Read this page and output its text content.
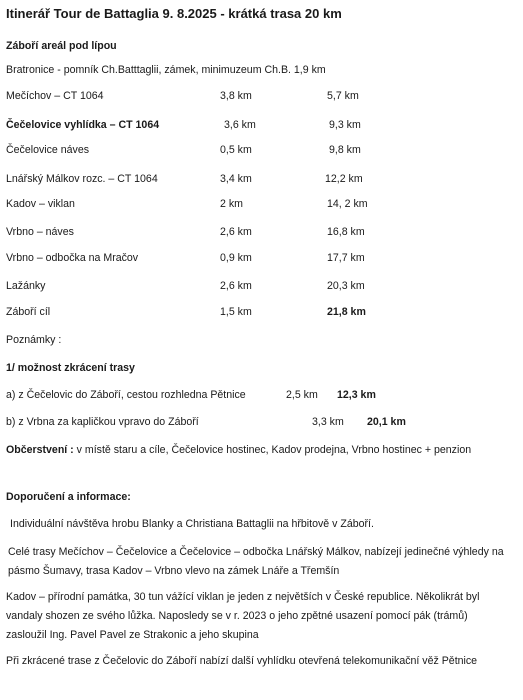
Itinerář Tour de Battaglia 9. 8.2025 - krátká trasa 20 km
Záboří areál pod lípou
Bratronice - pomník Ch.Batttaglii, zámek, minimuzeum Ch.B. 1,9 km
Mečíchov – CT 1064	3,8 km	5,7 km
Čečelovice vyhlídka – CT 1064	3,6 km	9,3 km
Čečelovice náves	0,5 km	9,8 km
Lnářský Málkov rozc. – CT 1064	3,4 km	12,2 km
Kadov – viklan	2 km	14, 2 km
Vrbno – náves	2,6 km	16,8 km
Vrbno – odbočka na Mračov	0,9 km	17,7 km
Lažánky	2,6 km	20,3 km
Záboří cíl	1,5 km	21,8 km
Poznámky :
1/ možnost zkrácení trasy
a) z Čečelovic do Záboří, cestou rozhledna Pětnice	2,5 km 12,3 km
b) z Vrbna za kapličkou vpravo do Záboří	3,3 km 20,1 km
Občerstvení : v místě staru a cíle, Čečelovice hostinec, Kadov prodejna, Vrbno hostinec + penzion
Doporučení a informace:
Individuální návštěva hrobu Blanky a Christiana Battaglii na hřbitově v Záboří.
Celé trasy Mečíchov – Čečelovice a Čečelovice – odbočka Lnářský Málkov, nabízejí jedinečné výhledy na pásmo Šumavy, trasa Kadov – Vrbno vlevo na zámek Lnáře a Třemšín
Kadov – přírodní památka, 30 tun vážící viklan je jeden z největších v České republice. Několikrát byl vandaly shozen ze svého lůžka. Naposledy se v r. 2023 o jeho zpětné usazení pomocí pák (trámů) zasloužil Ing. Pavel Pavel ze Strakonic a jeho skupina
Při zkrácené trase z Čečelovic do Záboří nabízí další vyhlídku otevřená telekomunikační věž Pětnice
